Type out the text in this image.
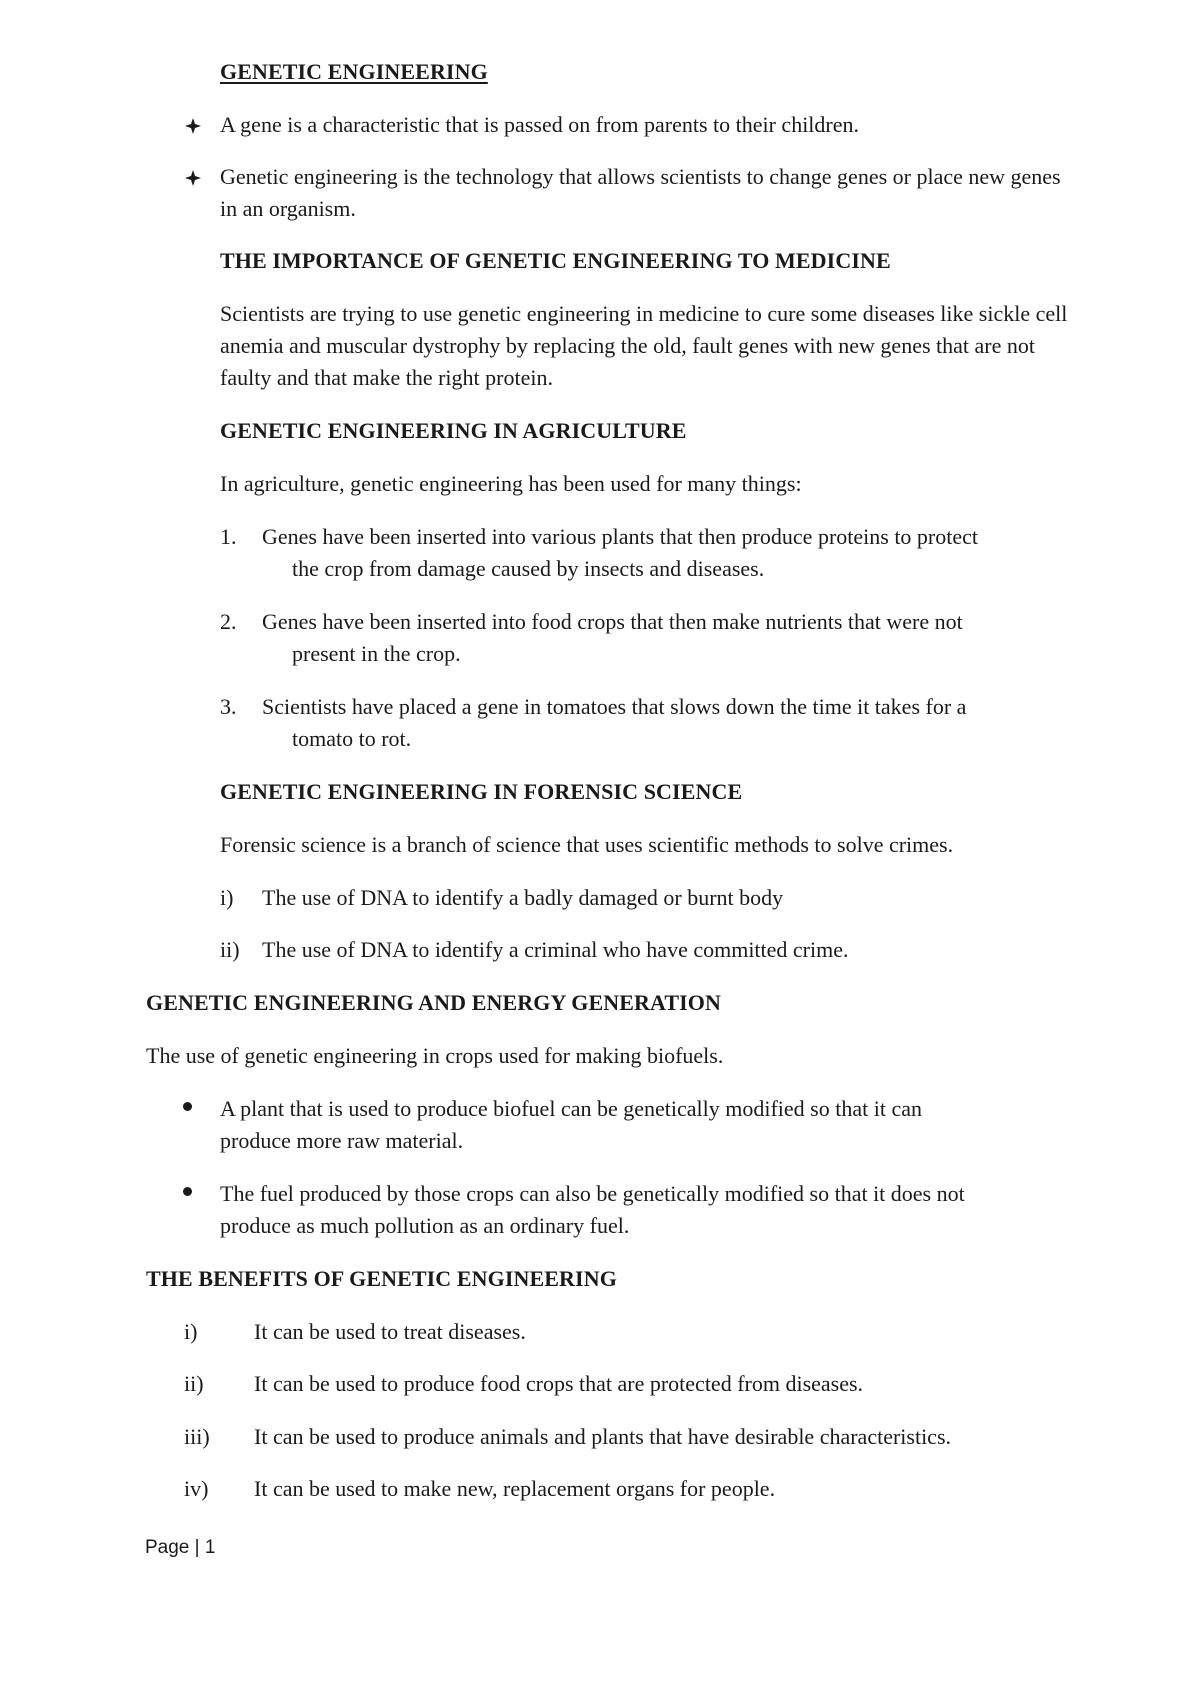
GENETIC ENGINEERING
A gene is a characteristic that is passed on from parents to their children.
Genetic engineering is the technology that allows scientists to change genes or place new genes in an organism.
THE IMPORTANCE OF GENETIC ENGINEERING TO MEDICINE
Scientists are trying to use genetic engineering in medicine to cure some diseases like sickle cell anemia and muscular dystrophy by replacing the old, fault genes with new genes that are not faulty and that make the right protein.
GENETIC ENGINEERING IN AGRICULTURE
In agriculture, genetic engineering has been used for many things:
1. Genes have been inserted into various plants that then produce proteins to protect
the crop from damage caused by insects and diseases.
2. Genes have been inserted into food crops that then make nutrients that were not
present in the crop.
3. Scientists have placed a gene in tomatoes that slows down the time it takes for a
tomato to rot.
GENETIC ENGINEERING IN FORENSIC SCIENCE
Forensic science is a branch of science that uses scientific methods to solve crimes.
i) The use of DNA to identify a badly damaged or burnt body
ii) The use of DNA to identify a criminal who have committed crime.
GENETIC ENGINEERING AND ENERGY GENERATION
The use of genetic engineering in crops used for making biofuels.
A plant that is used to produce biofuel can be genetically modified so that it can
produce more raw material.
The fuel produced by those crops can also be genetically modified so that it does not
produce as much pollution as an ordinary fuel.
THE BENEFITS OF GENETIC ENGINEERING
i)	It can be used to treat diseases.
ii) It can be used to produce food crops that are protected from diseases.
iii) It can be used to produce animals and plants that have desirable characteristics.
iv) It can be used to make new, replacement organs for people.
Page | 1
